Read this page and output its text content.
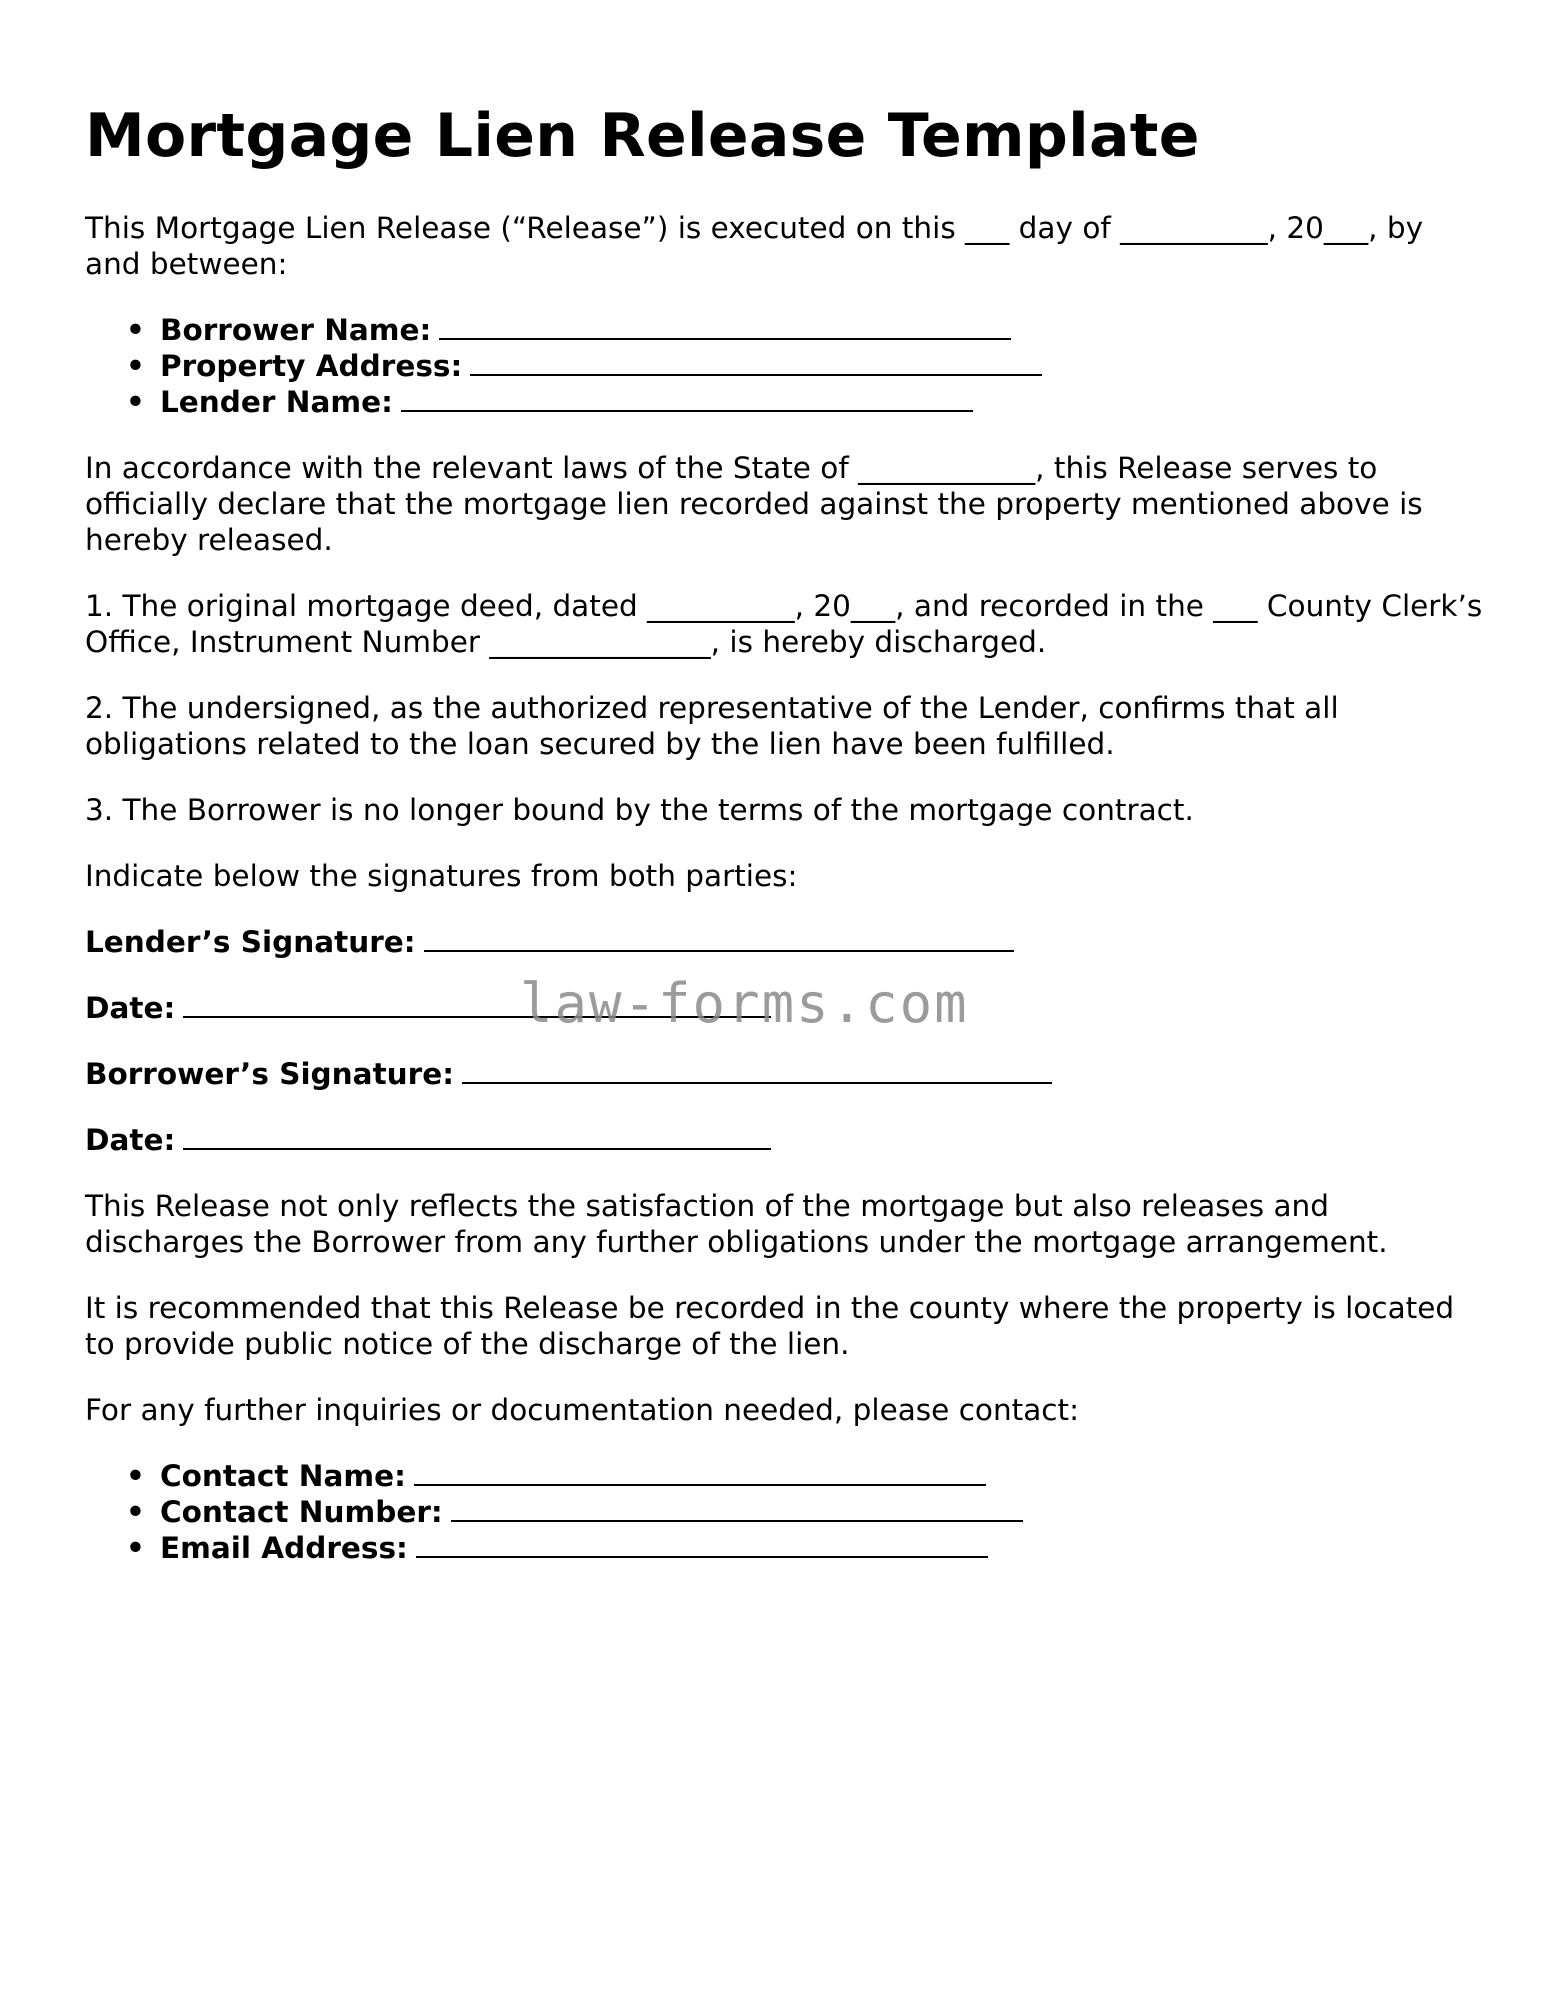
Mortgage Lien Release Template

This Mortgage Lien Release (“Release”) is executed on this ___ day of __________, 20___, by and between:

• Borrower Name:
• Property Address:
• Lender Name:

In accordance with the relevant laws of the State of ____________, this Release serves to officially declare that the mortgage lien recorded against the property mentioned above is hereby released.

1. The original mortgage deed, dated __________, 20___, and recorded in the ___ County Clerk’s Office, Instrument Number _______________, is hereby discharged.

2. The undersigned, as the authorized representative of the Lender, confirms that all obligations related to the loan secured by the lien have been fulfilled.

3. The Borrower is no longer bound by the terms of the mortgage contract.

Indicate below the signatures from both parties:

Lender’s Signature:
Date:
Borrower’s Signature:
Date:

This Release not only reflects the satisfaction of the mortgage but also releases and discharges the Borrower from any further obligations under the mortgage arrangement.

It is recommended that this Release be recorded in the county where the property is located to provide public notice of the discharge of the lien.

For any further inquiries or documentation needed, please contact:

• Contact Name:
• Contact Number:
• Email Address:
law-forms.com
